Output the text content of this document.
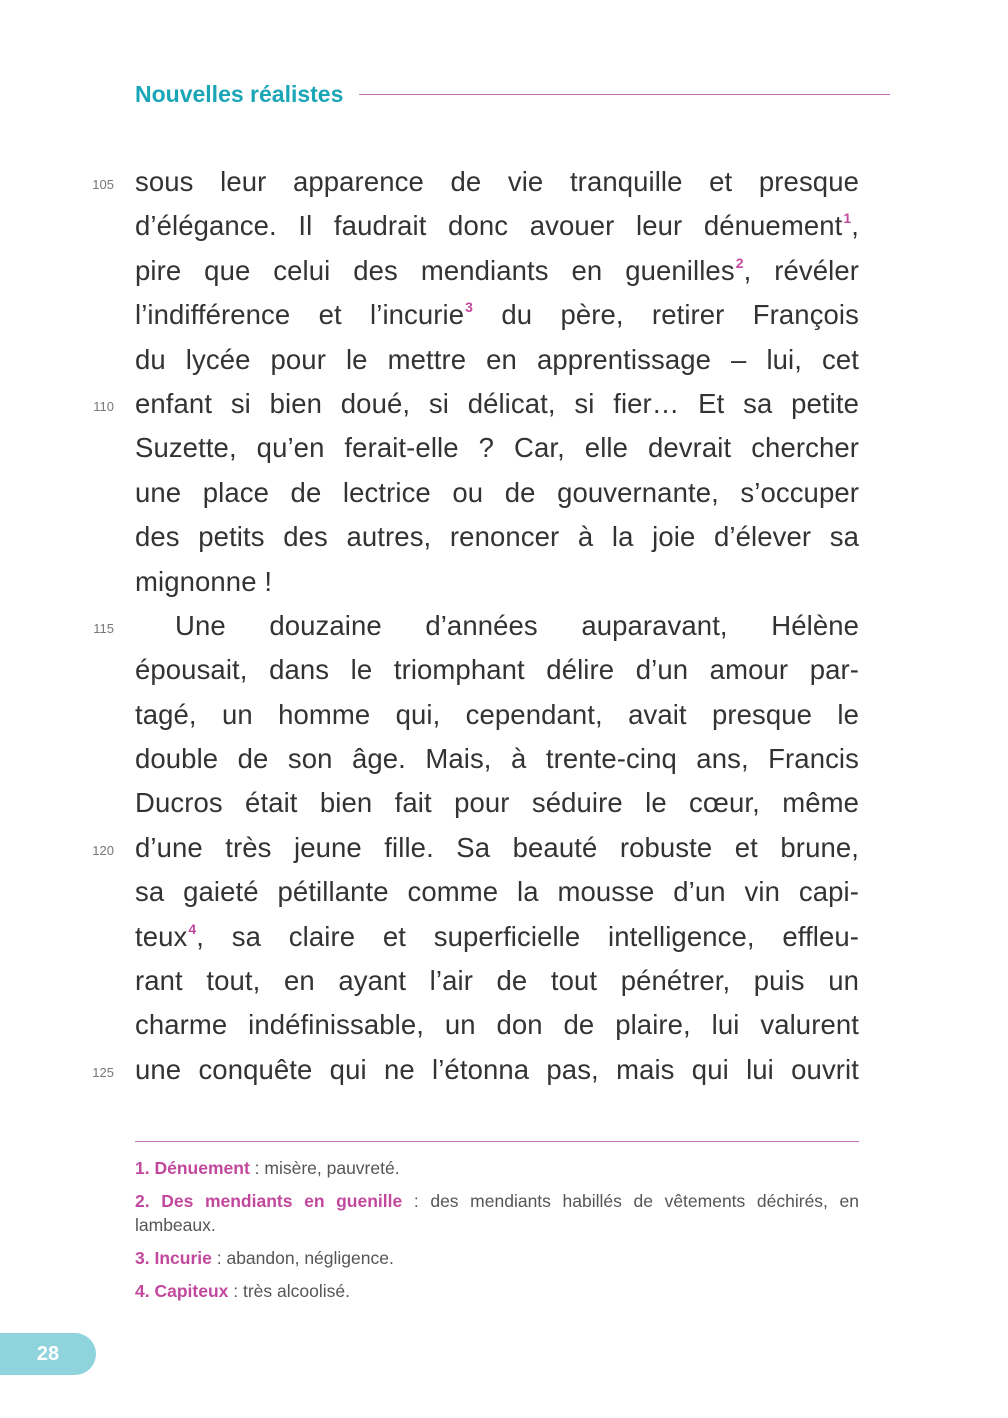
Nouvelles réalistes
105
110
115
120
125
sous leur apparence de vie tranquille et presque
d’élégance. Il faudrait donc avouer leur dénuement$^1$,
pire que celui des mendiants en guenilles$^2$, révéler
l’indifférence et l’incurie$^3$ du père, retirer François
du lycée pour le mettre en apprentissage – lui, cet
enfant si bien doué, si délicat, si fier… Et sa petite
Suzette, qu’en ferait-elle ? Car, elle devrait chercher
une place de lectrice ou de gouvernante, s’occuper
des petits des autres, renoncer à la joie d’élever sa
mignonne !
Une douzaine d’années auparavant, Hélène
épousait, dans le triomphant délire d’un amour par-
tagé, un homme qui, cependant, avait presque le
double de son âge. Mais, à trente-cinq ans, Francis
Ducros était bien fait pour séduire le cœur, même
d’une très jeune fille. Sa beauté robuste et brune,
sa gaieté pétillante comme la mousse d’un vin capi-
teux$^4$, sa claire et superficielle intelligence, effleu-
rant tout, en ayant l’air de tout pénétrer, puis un
charme indéfinissable, un don de plaire, lui valurent
une conquête qui ne l’étonna pas, mais qui lui ouvrit
1. Dénuement : misère, pauvreté.
2. Des mendiants en guenille : des mendiants habillés de vêtements déchirés, en lambeaux.
3. Incurie : abandon, négligence.
4. Capiteux : très alcoolisé.
28
